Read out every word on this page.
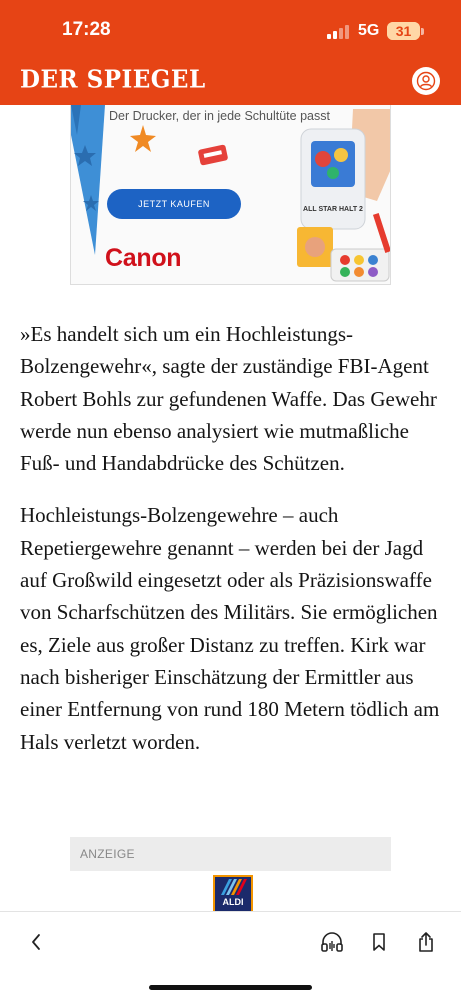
17:28	5G	31
DER SPIEGEL
Der Drucker, der in jede Schultüte passt
JETZT KAUFEN
Canon
ALL STAR HALT 2

»Es handelt sich um ein Hochleistungs-Bolzengewehr«, sagte der zuständige FBI-Agent Robert Bohls zur gefundenen Waffe. Das Gewehr werde nun ebenso analysiert wie mutmaßliche Fuß- und Handabdrücke des Schützen.

Hochleistungs-Bolzengewehre – auch Repetiergewehre genannt – werden bei der Jagd auf Großwild eingesetzt oder als Präzisionswaffe von Scharfschützen des Militärs. Sie ermöglichen es, Ziele aus großer Distanz zu treffen. Kirk war nach bisheriger Einschätzung der Ermittler aus einer Entfernung von rund 180 Metern tödlich am Hals verletzt worden.

ANZEIGE
ALDI
